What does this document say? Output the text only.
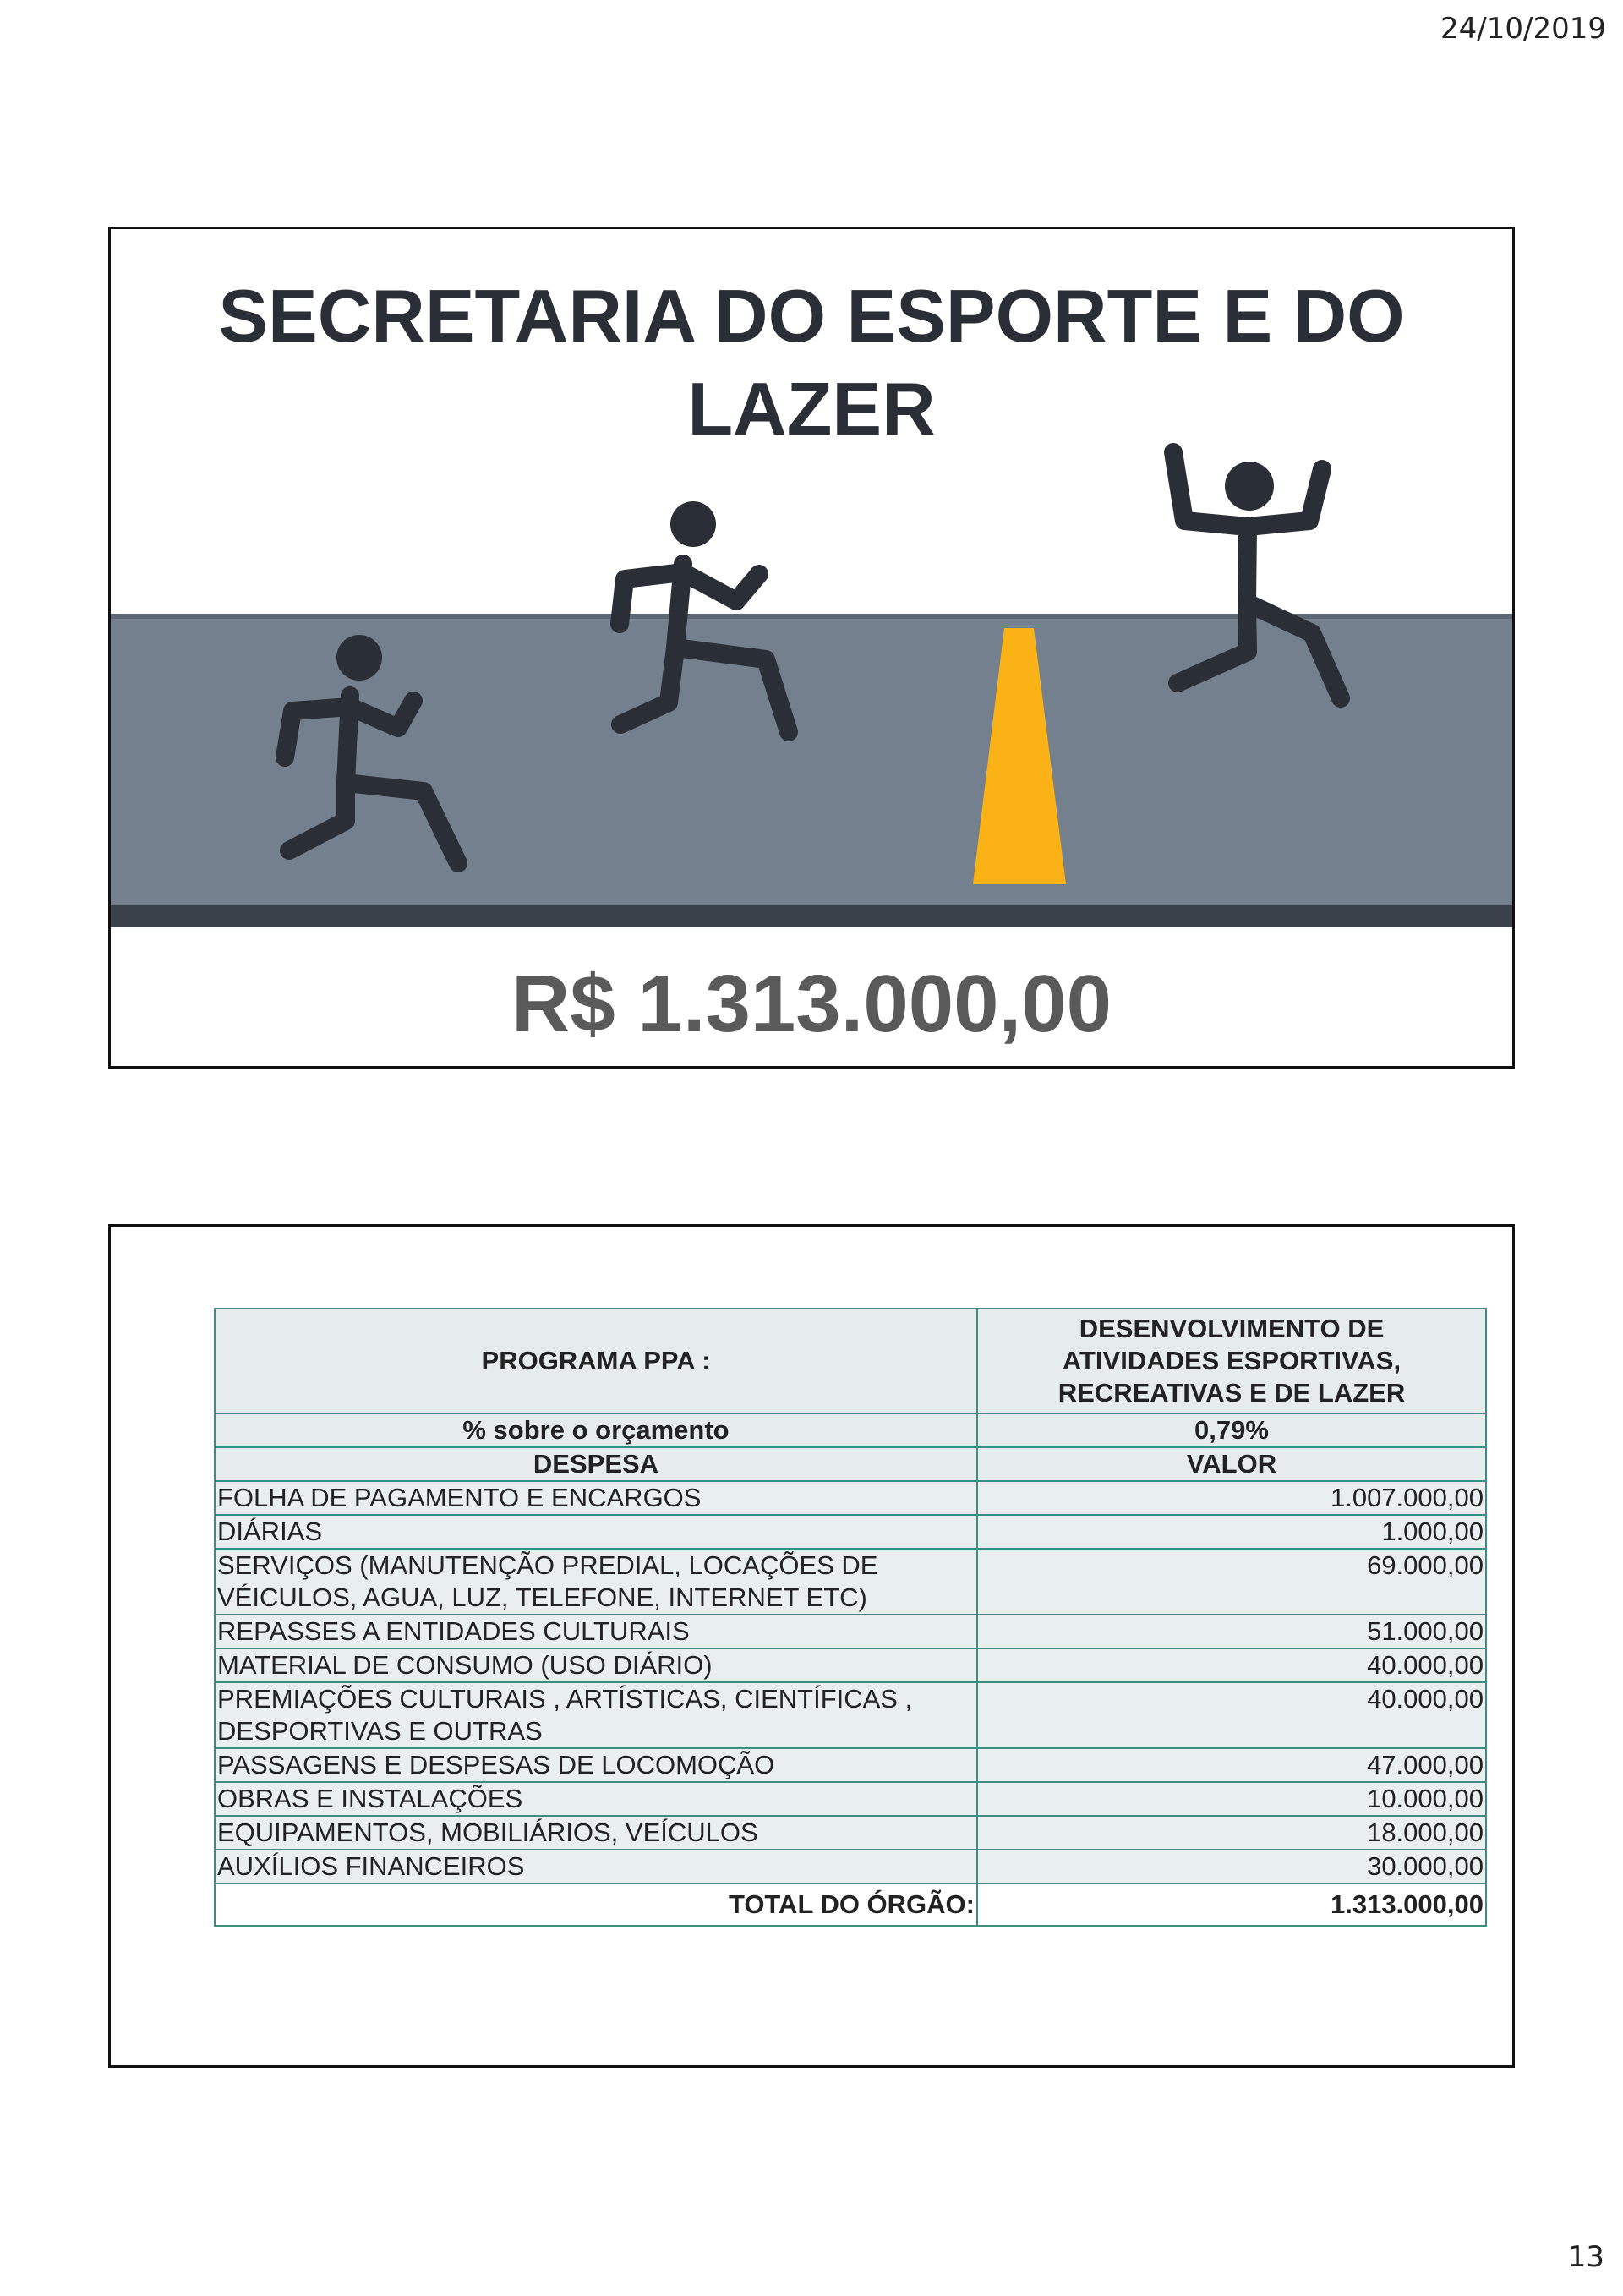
24/10/2019
SECRETARIA DO ESPORTE E DO
LAZER
R$ 1.313.000,00
PROGRAMA PPA :	DESENVOLVIMENTO DE ATIVIDADES ESPORTIVAS, RECREATIVAS E DE LAZER
% sobre o orçamento	0,79%
DESPESA	VALOR
FOLHA DE PAGAMENTO E ENCARGOS	1.007.000,00
DIÁRIAS	1.000,00
SERVIÇOS (MANUTENÇÃO PREDIAL, LOCAÇÕES DE VÉICULOS, AGUA, LUZ, TELEFONE, INTERNET ETC)	69.000,00
REPASSES A ENTIDADES CULTURAIS	51.000,00
MATERIAL DE CONSUMO (USO DIÁRIO)	40.000,00
PREMIAÇÕES CULTURAIS , ARTÍSTICAS, CIENTÍFICAS , DESPORTIVAS E OUTRAS	40.000,00
PASSAGENS E DESPESAS DE LOCOMOÇÃO	47.000,00
OBRAS E INSTALAÇÕES	10.000,00
EQUIPAMENTOS, MOBILIÁRIOS, VEÍCULOS	18.000,00
AUXÍLIOS FINANCEIROS	30.000,00
TOTAL DO ÓRGÃO:	1.313.000,00
13
